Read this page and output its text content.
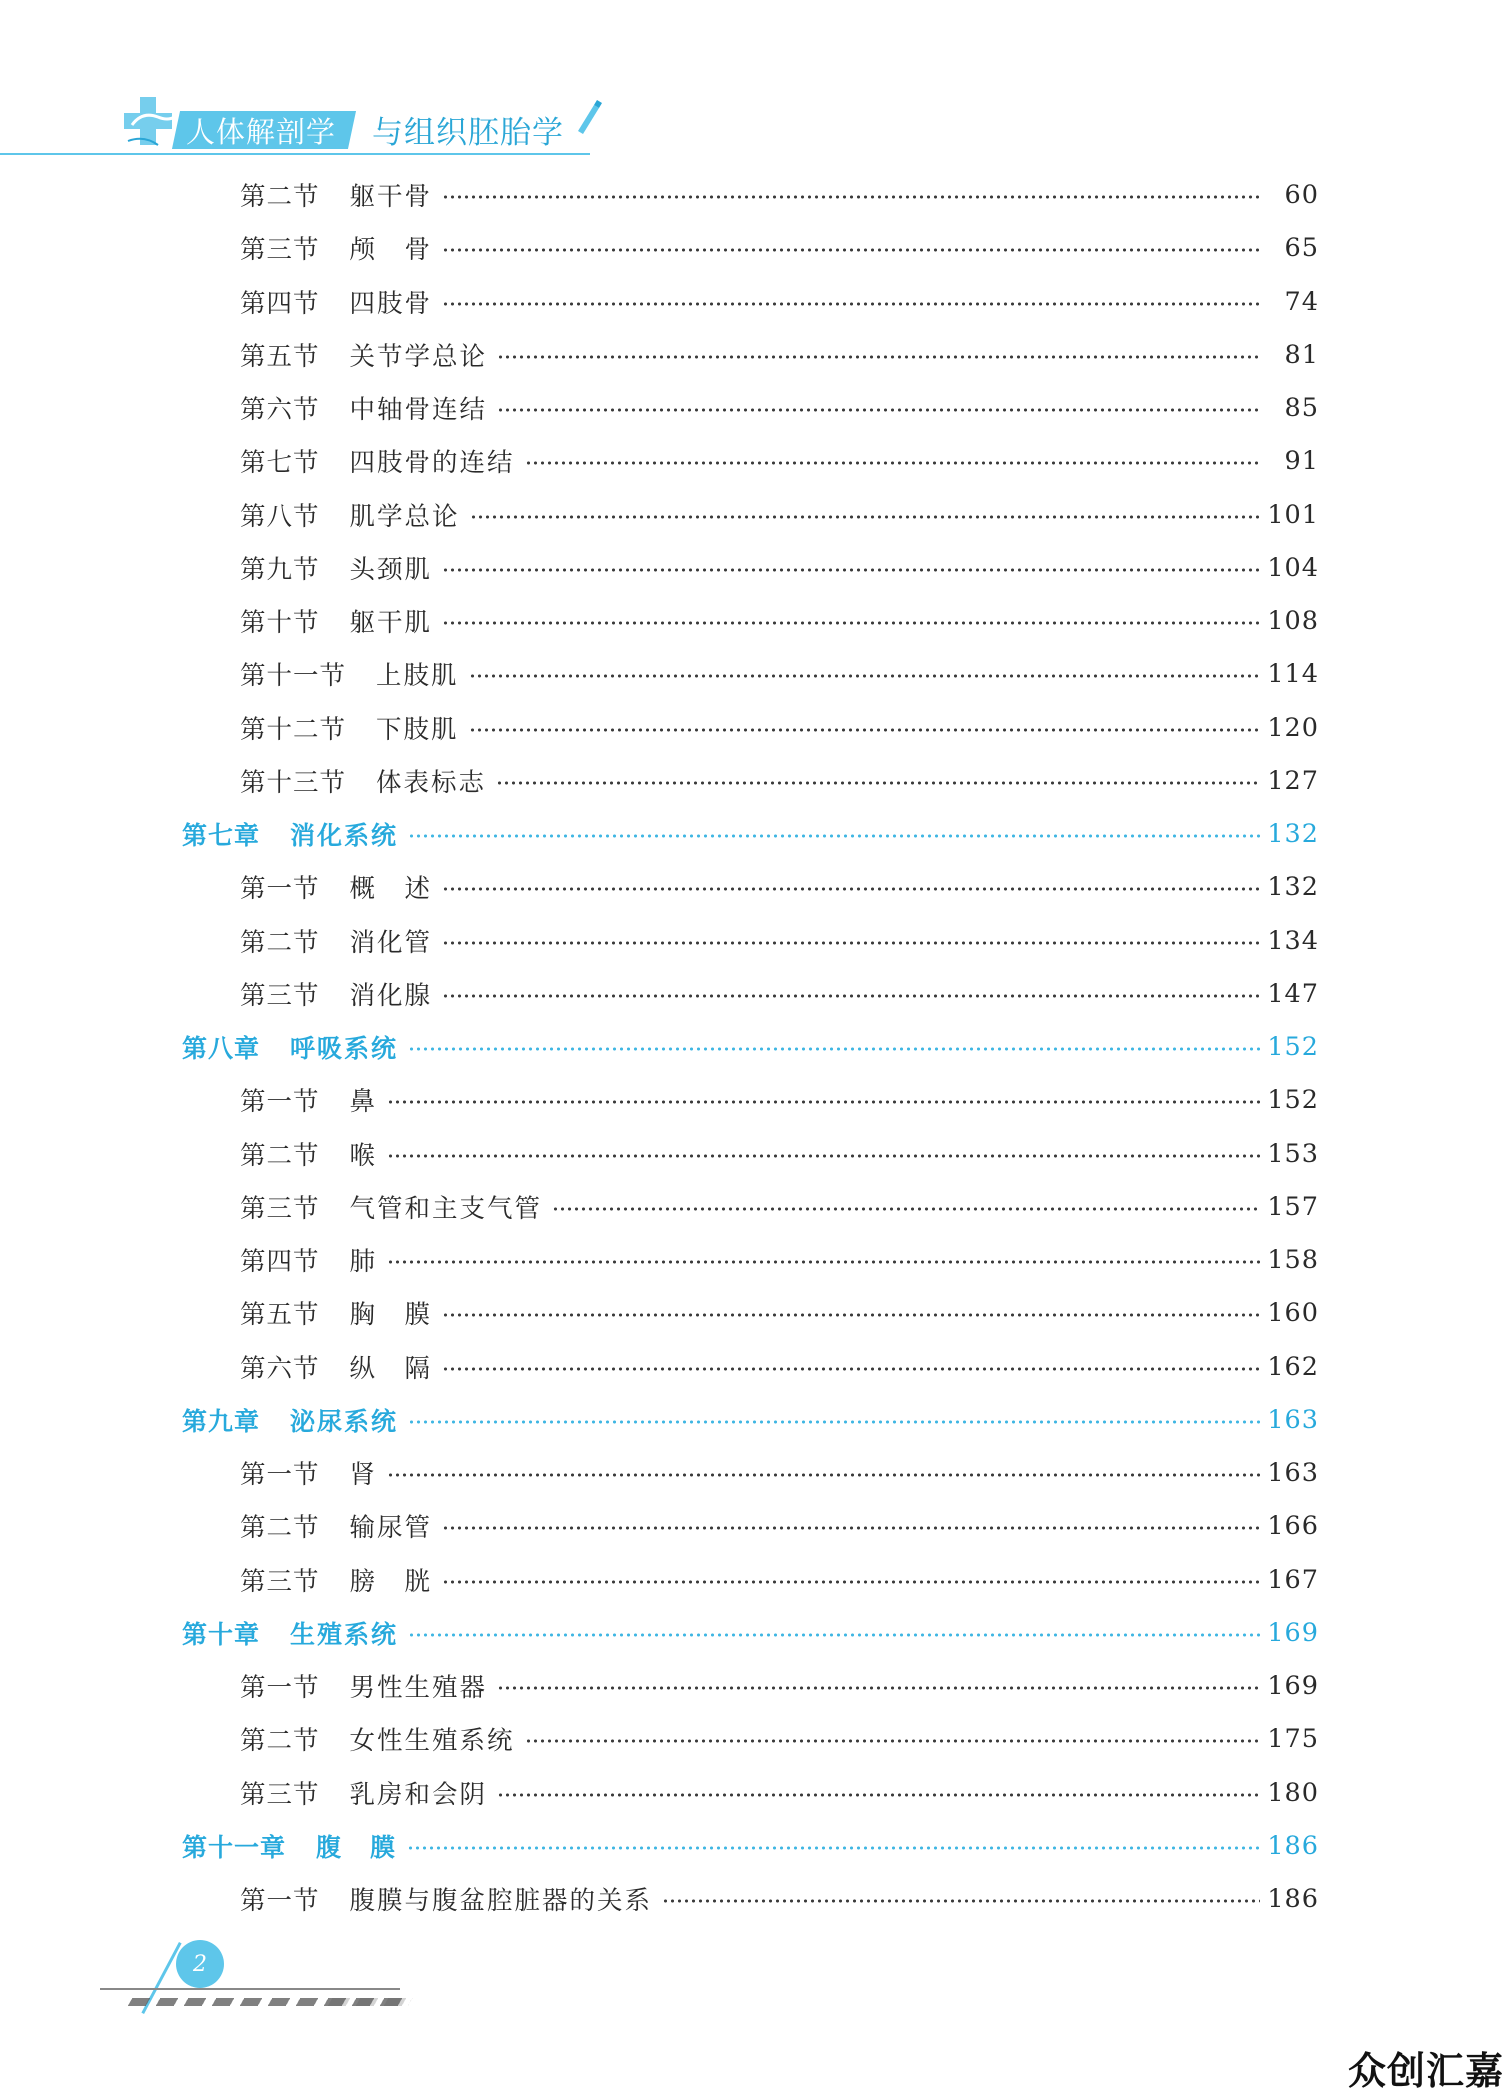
人体解剖学 与组织胚胎学
第二节 躯干骨	60
第三节 颅　骨	65
第四节 四肢骨	74
第五节 关节学总论	81
第六节 中轴骨连结	85
第七节 四肢骨的连结	91
第八节 肌学总论	101
第九节 头颈肌	104
第十节 躯干肌	108
第十一节 上肢肌	114
第十二节 下肢肌	120
第十三节 体表标志	127
第七章 消化系统	132
第一节 概　述	132
第二节 消化管	134
第三节 消化腺	147
第八章 呼吸系统	152
第一节 鼻	152
第二节 喉	153
第三节 气管和主支气管	157
第四节 肺	158
第五节 胸　膜	160
第六节 纵　隔	162
第九章 泌尿系统	163
第一节 肾	163
第二节 输尿管	166
第三节 膀　胱	167
第十章 生殖系统	169
第一节 男性生殖器	169
第二节 女性生殖系统	175
第三节 乳房和会阴	180
第十一章 腹　膜	186
第一节 腹膜与腹盆腔脏器的关系	186
2
众创汇嘉
